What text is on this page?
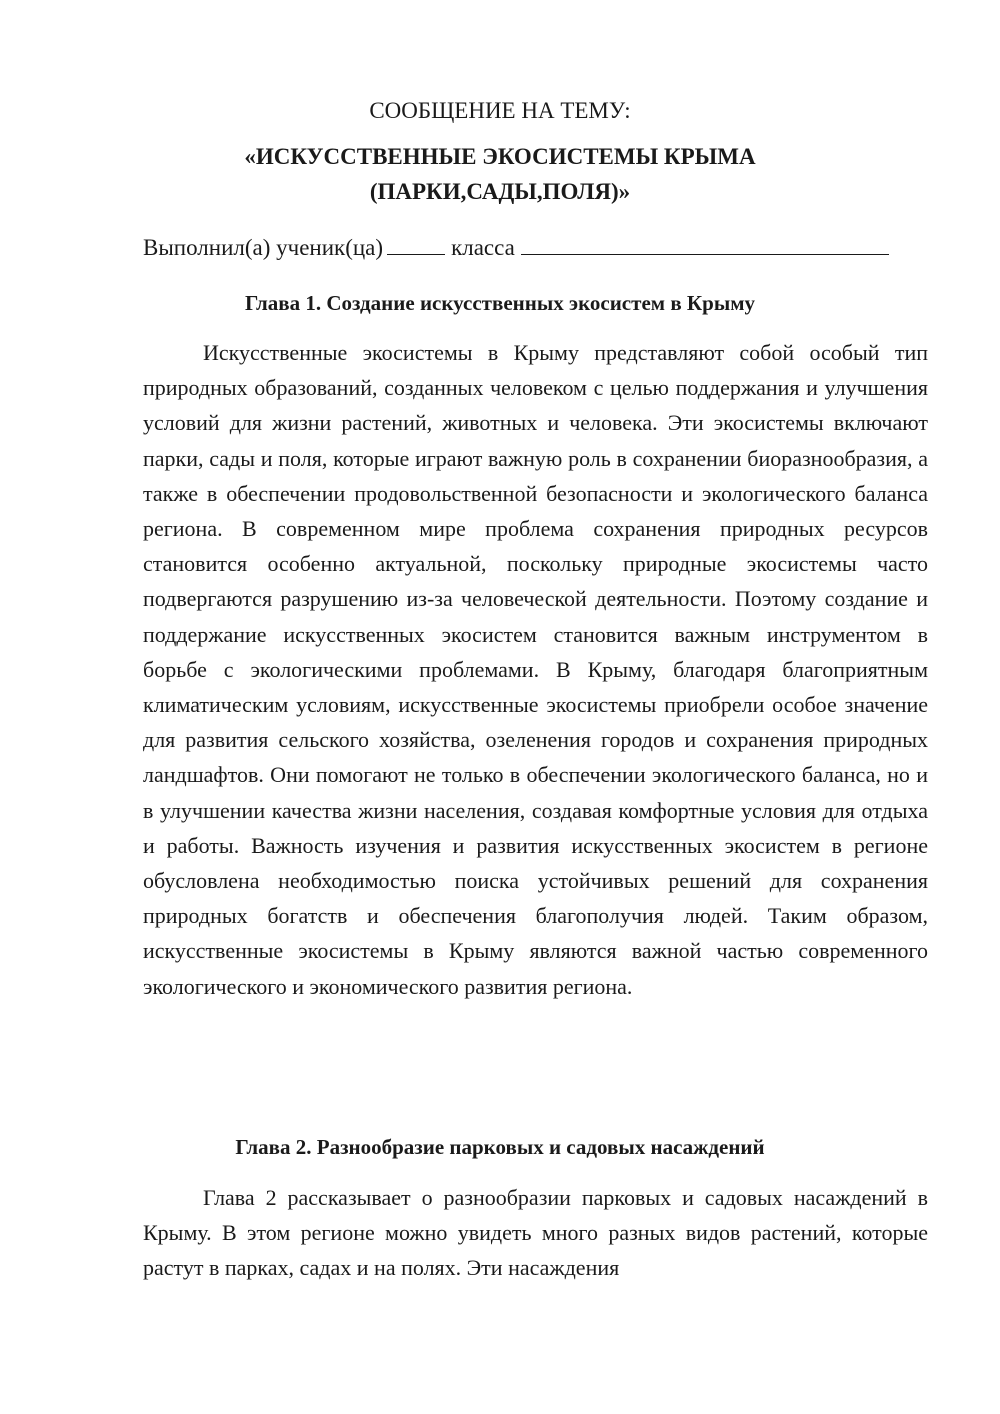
СООБЩЕНИЕ НА ТЕМУ:
«ИСКУССТВЕННЫЕ ЭКОСИСТЕМЫ КРЫМА
(ПАРКИ,САДЫ,ПОЛЯ)»
Выполнил(а) ученик(ца)	класса
Глава 1. Создание искусственных экосистем в Крыму
Искусственные экосистемы в Крыму представляют собой особый тип природных образований, созданных человеком с целью поддержания и улучшения условий для жизни растений, животных и человека. Эти экосистемы включают парки, сады и поля, которые играют важную роль в сохранении биоразнообразия, а также в обеспечении продовольственной безопасности и экологического баланса региона. В современном мире проблема сохранения природных ресурсов становится особенно актуальной, поскольку природные экосистемы часто подвергаются разрушению из-за человеческой деятельности. Поэтому создание и поддержание искусственных экосистем становится важным инструментом в борьбе с экологическими проблемами. В Крыму, благодаря благоприятным климатическим условиям, искусственные экосистемы приобрели особое значение для развития сельского хозяйства, озеленения городов и сохранения природных ландшафтов. Они помогают не только в обеспечении экологического баланса, но и в улучшении качества жизни населения, создавая комфортные условия для отдыха и работы. Важность изучения и развития искусственных экосистем в регионе обусловлена необходимостью поиска устойчивых решений для сохранения природных богатств и обеспечения благополучия людей. Таким образом, искусственные экосистемы в Крыму являются важной частью современного экологического и экономического развития региона.
Глава 2. Разнообразие парковых и садовых насаждений
Глава 2 рассказывает о разнообразии парковых и садовых насаждений в Крыму. В этом регионе можно увидеть много разных видов растений, которые растут в парках, садах и на полях. Эти насаждения
